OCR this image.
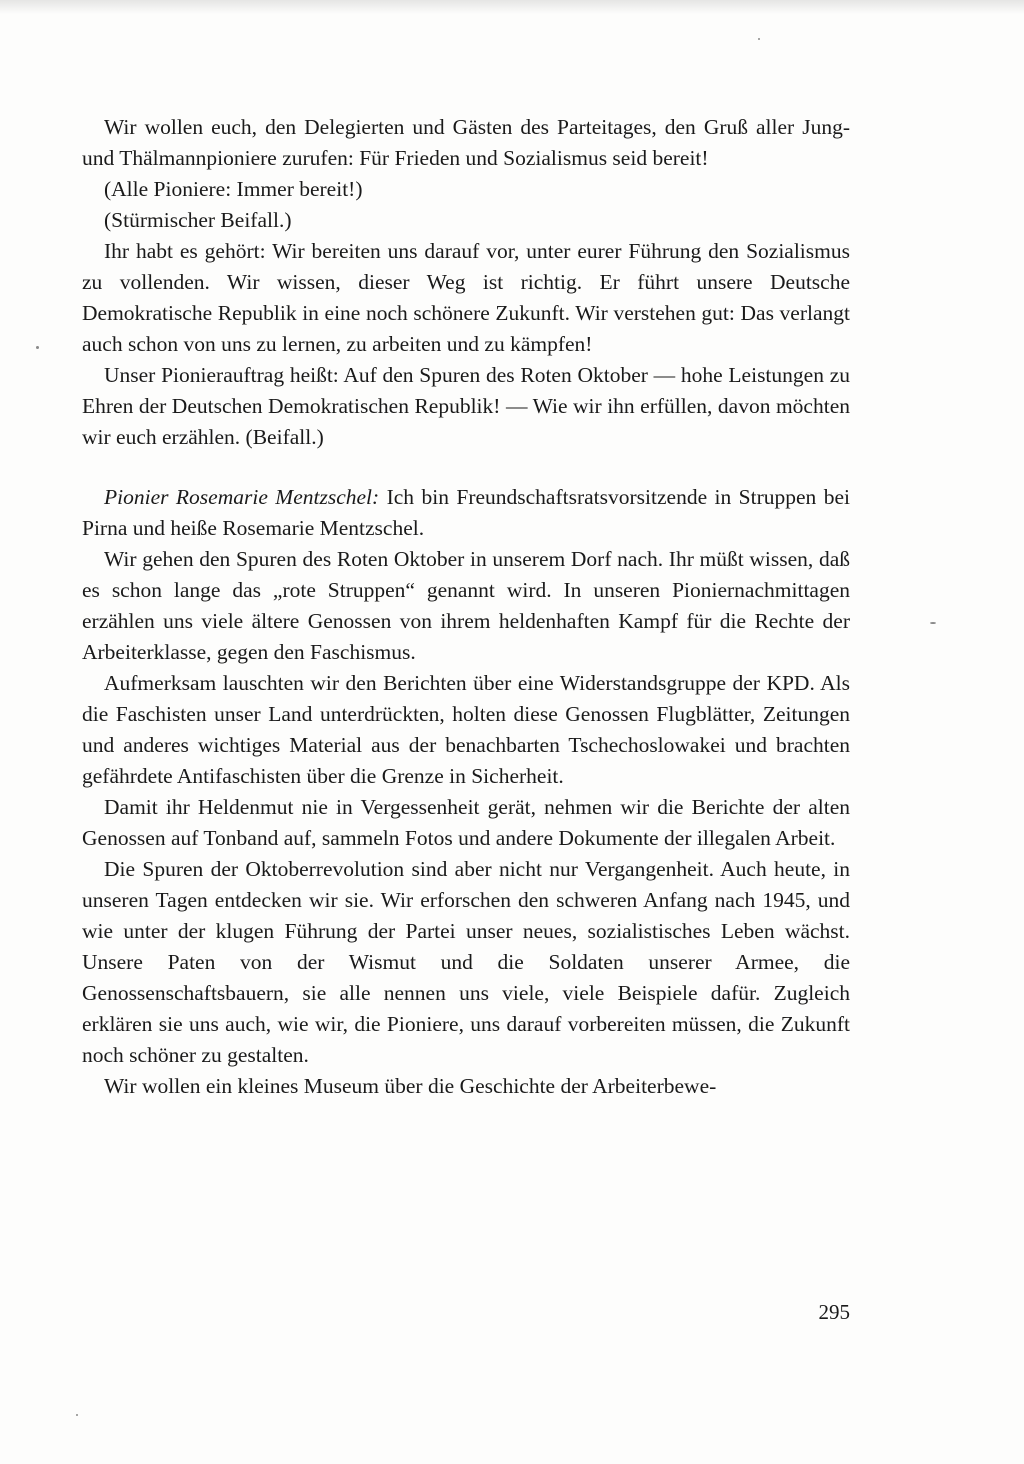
Wir wollen euch, den Delegierten und Gästen des Parteitages, den Gruß aller Jung- und Thälmannpioniere zurufen: Für Frieden und Sozialismus seid bereit!

(Alle Pioniere: Immer bereit!)

(Stürmischer Beifall.)

Ihr habt es gehört: Wir bereiten uns darauf vor, unter eurer Führung den Sozialismus zu vollenden. Wir wissen, dieser Weg ist richtig. Er führt unsere Deutsche Demokratische Republik in eine noch schönere Zukunft. Wir verstehen gut: Das verlangt auch schon von uns zu lernen, zu arbeiten und zu kämpfen!

Unser Pionierauftrag heißt: Auf den Spuren des Roten Oktober — hohe Leistungen zu Ehren der Deutschen Demokratischen Republik! — Wie wir ihn erfüllen, davon möchten wir euch erzählen. (Beifall.)

Pionier Rosemarie Mentzschel: Ich bin Freundschaftsratsvorsitzende in Struppen bei Pirna und heiße Rosemarie Mentzschel.

Wir gehen den Spuren des Roten Oktober in unserem Dorf nach. Ihr müßt wissen, daß es schon lange das „rote Struppen“ genannt wird. In unseren Pioniernachmittagen erzählen uns viele ältere Genossen von ihrem heldenhaften Kampf für die Rechte der Arbeiterklasse, gegen den Faschismus.

Aufmerksam lauschten wir den Berichten über eine Widerstandsgruppe der KPD. Als die Faschisten unser Land unterdrückten, holten diese Genossen Flugblätter, Zeitungen und anderes wichtiges Material aus der benachbarten Tschechoslowakei und brachten gefährdete Antifaschisten über die Grenze in Sicherheit.

Damit ihr Heldenmut nie in Vergessenheit gerät, nehmen wir die Berichte der alten Genossen auf Tonband auf, sammeln Fotos und andere Dokumente der illegalen Arbeit.

Die Spuren der Oktoberrevolution sind aber nicht nur Vergangenheit. Auch heute, in unseren Tagen entdecken wir sie. Wir erforschen den schweren Anfang nach 1945, und wie unter der klugen Führung der Partei unser neues, sozialistisches Leben wächst. Unsere Paten von der Wismut und die Soldaten unserer Armee, die Genossenschaftsbauern, sie alle nennen uns viele, viele Beispiele dafür. Zugleich erklären sie uns auch, wie wir, die Pioniere, uns darauf vorbereiten müssen, die Zukunft noch schöner zu gestalten.

Wir wollen ein kleines Museum über die Geschichte der Arbeiterbewe-

295
